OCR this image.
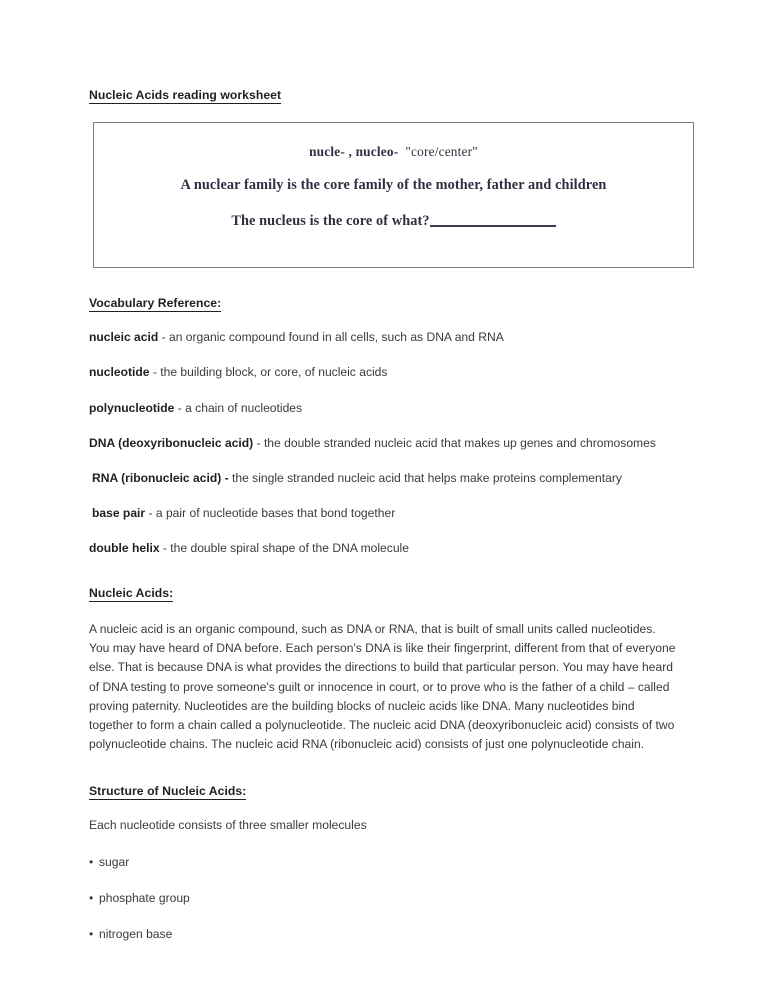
Nucleic Acids reading worksheet
nucle- , nucleo- "core/center"
A nuclear family is the core family of the mother, father and children
The nucleus is the core of what?
Vocabulary Reference:
nucleic acid - an organic compound found in all cells, such as DNA and RNA
nucleotide - the building block, or core, of nucleic acids
polynucleotide - a chain of nucleotides
DNA (deoxyribonucleic acid) - the double stranded nucleic acid that makes up genes and chromosomes
RNA (ribonucleic acid) - the single stranded nucleic acid that helps make proteins complementary
base pair - a pair of nucleotide bases that bond together
double helix - the double spiral shape of the DNA molecule
Nucleic Acids:

A nucleic acid is an organic compound, such as DNA or RNA, that is built of small units called nucleotides. You may have heard of DNA before. Each person's DNA is like their fingerprint, different from that of everyone else. That is because DNA is what provides the directions to build that particular person. You may have heard of DNA testing to prove someone's guilt or innocence in court, or to prove who is the father of a child – called proving paternity. Nucleotides are the building blocks of nucleic acids like DNA. Many nucleotides bind together to form a chain called a polynucleotide. The nucleic acid DNA (deoxyribonucleic acid) consists of two polynucleotide chains. The nucleic acid RNA (ribonucleic acid) consists of just one polynucleotide chain.

Structure of Nucleic Acids:

Each nucleotide consists of three smaller molecules

• sugar
• phosphate group
• nitrogen base
